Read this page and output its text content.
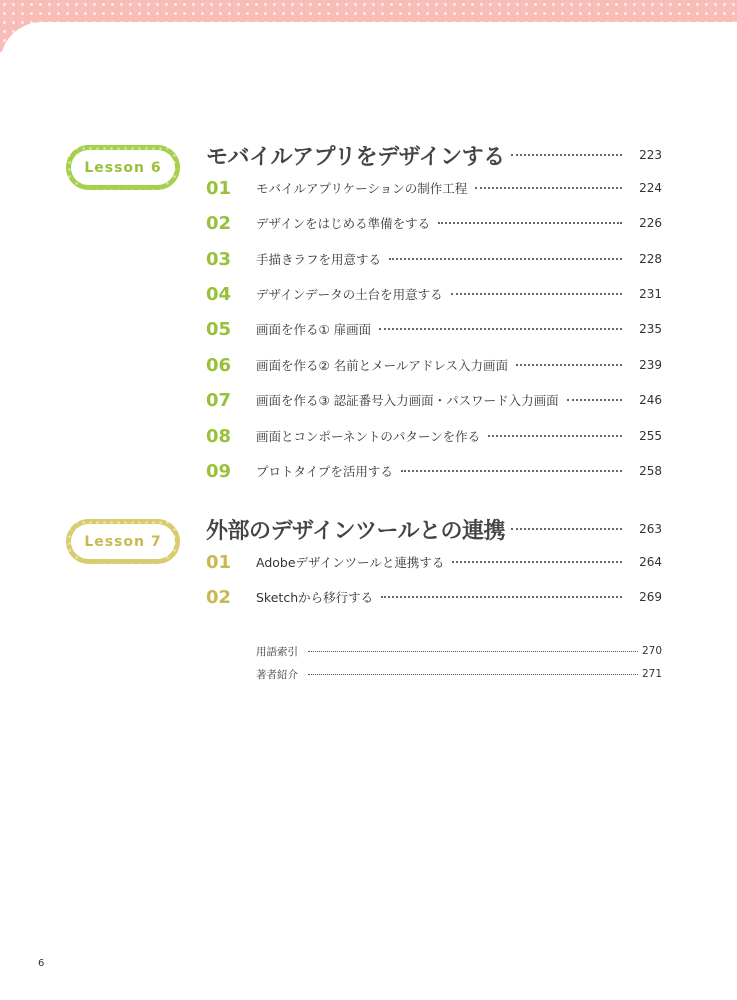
Lesson 6	モバイルアプリをデザインする	223
01	モバイルアプリケーションの制作工程	224
02	デザインをはじめる準備をする	226
03	手描きラフを用意する	228
04	デザインデータの土台を用意する	231
05	画面を作る① 扉画面	235
06	画面を作る② 名前とメールアドレス入力画面	239
07	画面を作る③ 認証番号入力画面・パスワード入力画面	246
08	画面とコンポーネントのパターンを作る	255
09	プロトタイプを活用する	258
Lesson 7	外部のデザインツールとの連携	263
01	Adobeデザインツールと連携する	264
02	Sketchから移行する	269
用語索引	270
著者紹介	271
6
